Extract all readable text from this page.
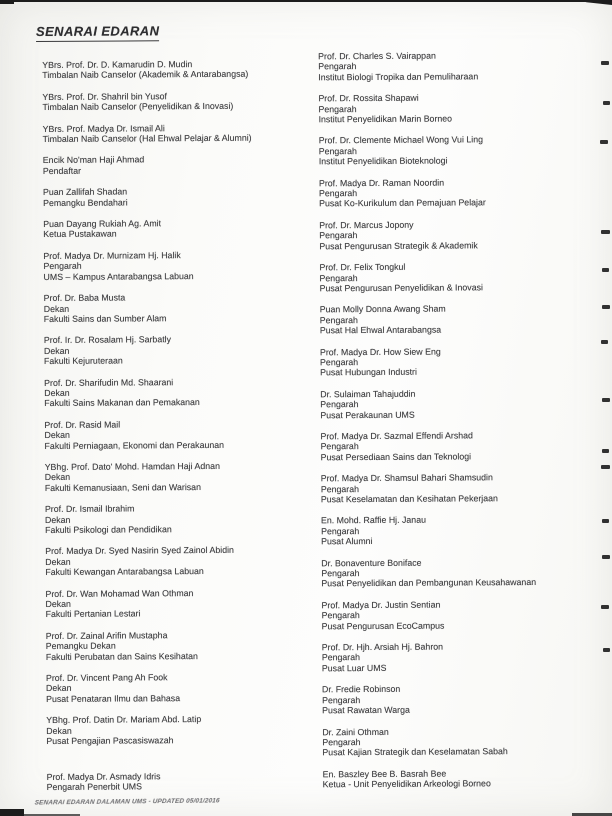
SENARAI EDARAN
YBrs. Prof. Dr. D. Kamarudin D. Mudin
Timbalan Naib Canselor (Akademik & Antarabangsa)
YBrs. Prof. Dr. Shahril bin Yusof
Timbalan Naib Canselor (Penyelidikan & Inovasi)
YBrs. Prof. Madya Dr. Ismail Ali
Timbalan Naib Canselor (Hal Ehwal Pelajar & Alumni)
Encik No'man Haji Ahmad
Pendaftar
Puan Zallifah Shadan
Pemangku Bendahari
Puan Dayang Rukiah Ag. Amit
Ketua Pustakawan
Prof. Madya Dr. Murnizam Hj. Halik
Pengarah
UMS – Kampus Antarabangsa Labuan
Prof. Dr. Baba Musta
Dekan
Fakulti Sains dan Sumber Alam
Prof. Ir. Dr. Rosalam Hj. Sarbatly
Dekan
Fakulti Kejuruteraan
Prof. Dr. Sharifudin Md. Shaarani
Dekan
Fakulti Sains Makanan dan Pemakanan
Prof. Dr. Rasid Mail
Dekan
Fakulti Perniagaan, Ekonomi dan Perakaunan
YBhg. Prof. Dato' Mohd. Hamdan Haji Adnan
Dekan
Fakulti Kemanusiaan, Seni dan Warisan
Prof. Dr. Ismail Ibrahim
Dekan
Fakulti Psikologi dan Pendidikan
Prof. Madya Dr. Syed Nasirin Syed Zainol Abidin
Dekan
Fakulti Kewangan Antarabangsa Labuan
Prof. Dr. Wan Mohamad Wan Othman
Dekan
Fakulti Pertanian Lestari
Prof. Dr. Zainal Arifin Mustapha
Pemangku Dekan
Fakulti Perubatan dan Sains Kesihatan
Prof. Dr. Vincent Pang Ah Fook
Dekan
Pusat Penataran Ilmu dan Bahasa
YBhg. Prof. Datin Dr. Mariam Abd. Latip
Dekan
Pusat Pengajian Pascasiswazah
Prof. Madya Dr. Asmady Idris
Pengarah Penerbit UMS
Prof. Dr. Charles S. Vairappan
Pengarah
Institut Biologi Tropika dan Pemuliharaan
Prof. Dr. Rossita Shapawi
Pengarah
Institut Penyelidikan Marin Borneo
Prof. Dr. Clemente Michael Wong Vui Ling
Pengarah
Institut Penyelidikan Bioteknologi
Prof. Madya Dr. Raman Noordin
Pengarah
Pusat Ko-Kurikulum dan Pemajuan Pelajar
Prof. Dr. Marcus Jopony
Pengarah
Pusat Pengurusan Strategik & Akademik
Prof. Dr. Felix Tongkul
Pengarah
Pusat Pengurusan Penyelidikan & Inovasi
Puan Molly Donna Awang Sham
Pengarah
Pusat Hal Ehwal Antarabangsa
Prof. Madya Dr. How Siew Eng
Pengarah
Pusat Hubungan Industri
Dr. Sulaiman Tahajuddin
Pengarah
Pusat Perakaunan UMS
Prof. Madya Dr. Sazmal Effendi Arshad
Pengarah
Pusat Persediaan Sains dan Teknologi
Prof. Madya Dr. Shamsul Bahari Shamsudin
Pengarah
Pusat Keselamatan dan Kesihatan Pekerjaan
En. Mohd. Raffie Hj. Janau
Pengarah
Pusat Alumni
Dr. Bonaventure Boniface
Pengarah
Pusat Penyelidikan dan Pembangunan Keusahawanan
Prof. Madya Dr. Justin Sentian
Pengarah
Pusat Pengurusan EcoCampus
Prof. Dr. Hjh. Arsiah Hj. Bahron
Pengarah
Pusat Luar UMS
Dr. Fredie Robinson
Pengarah
Pusat Rawatan Warga
Dr. Zaini Othman
Pengarah
Pusat Kajian Strategik dan Keselamatan Sabah
En. Baszley Bee B. Basrah Bee
Ketua - Unit Penyelidikan Arkeologi Borneo
SENARAI EDARAN DALAMAN UMS - UPDATED 05/01/2016
